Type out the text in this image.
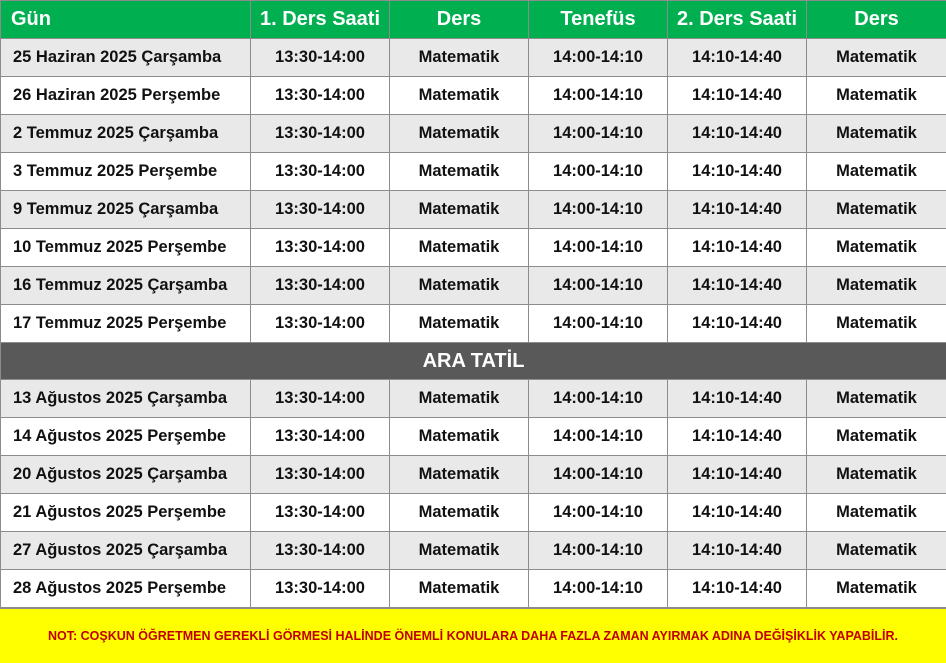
Gün	1. Ders Saati	Ders	Tenefüs	2. Ders Saati	Ders
25 Haziran 2025 Çarşamba	13:30-14:00	Matematik	14:00-14:10	14:10-14:40	Matematik
26 Haziran 2025 Perşembe	13:30-14:00	Matematik	14:00-14:10	14:10-14:40	Matematik
2 Temmuz 2025 Çarşamba	13:30-14:00	Matematik	14:00-14:10	14:10-14:40	Matematik
3 Temmuz 2025 Perşembe	13:30-14:00	Matematik	14:00-14:10	14:10-14:40	Matematik
9 Temmuz 2025 Çarşamba	13:30-14:00	Matematik	14:00-14:10	14:10-14:40	Matematik
10 Temmuz 2025 Perşembe	13:30-14:00	Matematik	14:00-14:10	14:10-14:40	Matematik
16 Temmuz 2025 Çarşamba	13:30-14:00	Matematik	14:00-14:10	14:10-14:40	Matematik
17 Temmuz 2025 Perşembe	13:30-14:00	Matematik	14:00-14:10	14:10-14:40	Matematik
ARA TATİL					
13 Ağustos 2025 Çarşamba	13:30-14:00	Matematik	14:00-14:10	14:10-14:40	Matematik
14 Ağustos 2025 Perşembe	13:30-14:00	Matematik	14:00-14:10	14:10-14:40	Matematik
20 Ağustos 2025 Çarşamba	13:30-14:00	Matematik	14:00-14:10	14:10-14:40	Matematik
21 Ağustos 2025 Perşembe	13:30-14:00	Matematik	14:00-14:10	14:10-14:40	Matematik
27 Ağustos 2025 Çarşamba	13:30-14:00	Matematik	14:00-14:10	14:10-14:40	Matematik
28 Ağustos 2025 Perşembe	13:30-14:00	Matematik	14:00-14:10	14:10-14:40	Matematik
NOT: COŞKUN ÖĞRETMEN GEREKLİ GÖRMESİ HALİNDE ÖNEMLİ KONULARA DAHA FAZLA ZAMAN AYIRMAK ADINA DEĞİŞİKLİK YAPABİLİR.
